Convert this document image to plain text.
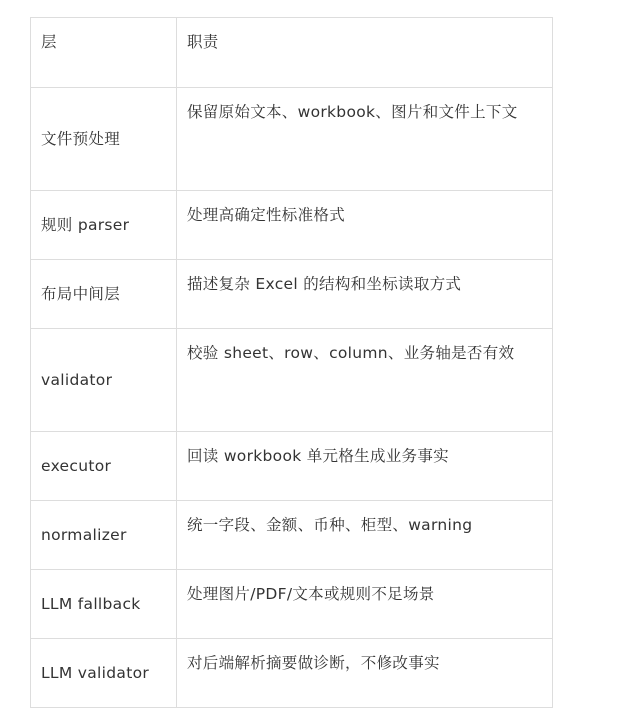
层	职责
文件预处理	保留原始文本、workbook、图片和文件上下文
规则 parser	处理高确定性标准格式
布局中间层	描述复杂 Excel 的结构和坐标读取方式
validator	校验 sheet、row、column、业务轴是否有效
executor	回读 workbook 单元格生成业务事实
normalizer	统一字段、金额、币种、柜型、warning
LLM fallback	处理图片/PDF/文本或规则不足场景
LLM validator	对后端解析摘要做诊断，不修改事实
